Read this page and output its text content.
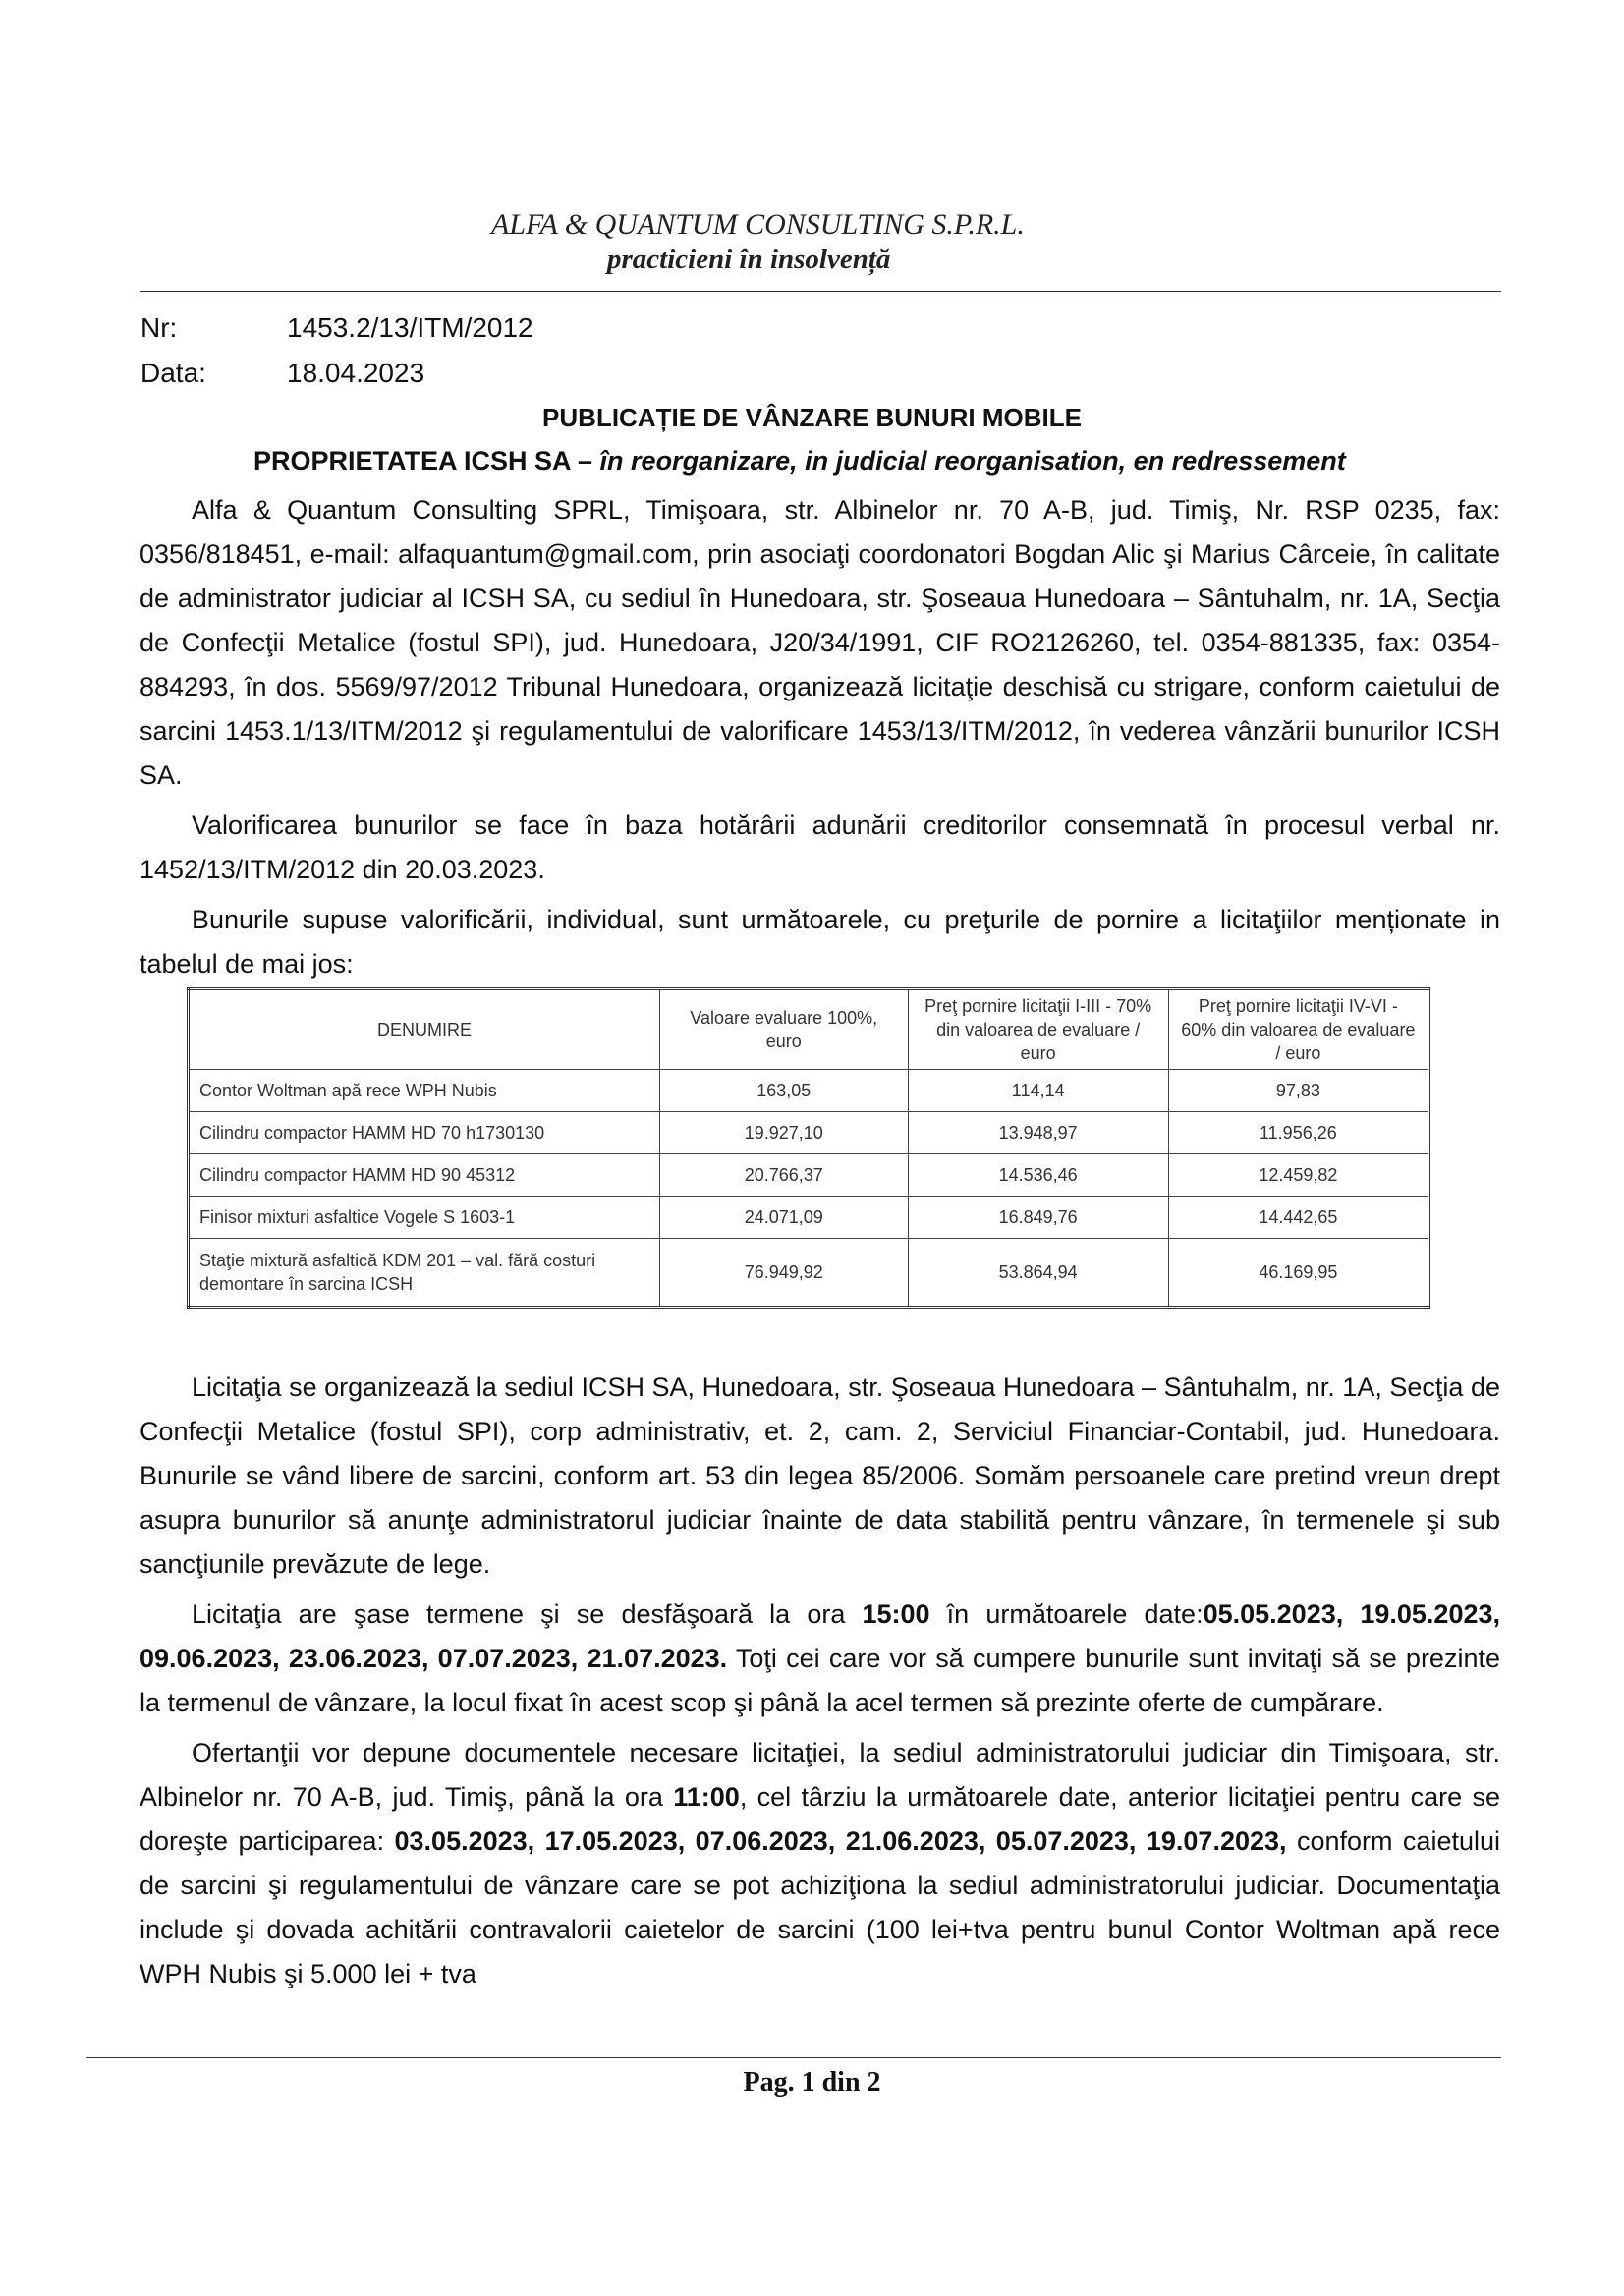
ALFA & QUANTUM CONSULTING S.P.R.L.
practicieni în insolvență
Nr:	1453.2/13/ITM/2012
Data:	18.04.2023
PUBLICAȚIE DE VÂNZARE BUNURI MOBILE
PROPRIETATEA ICSH SA – în reorganizare, in judicial reorganisation, en redressement

Alfa & Quantum Consulting SPRL, Timişoara, str. Albinelor nr. 70 A-B, jud. Timiş, Nr. RSP 0235, fax: 0356/818451, e-mail: alfaquantum@gmail.com, prin asociaţi coordonatori Bogdan Alic şi Marius Cârceie, în calitate de administrator judiciar al ICSH SA, cu sediul în Hunedoara, str. Şoseaua Hunedoara – Sântuhalm, nr. 1A, Secţia de Confecţii Metalice (fostul SPI), jud. Hunedoara, J20/34/1991, CIF RO2126260, tel. 0354-881335, fax: 0354-884293, în dos. 5569/97/2012 Tribunal Hunedoara, organizează licitaţie deschisă cu strigare, conform caietului de sarcini 1453.1/13/ITM/2012 şi regulamentului de valorificare 1453/13/ITM/2012, în vederea vânzării bunurilor ICSH SA.

Valorificarea bunurilor se face în baza hotărârii adunării creditorilor consemnată în procesul verbal nr. 1452/13/ITM/2012 din 20.03.2023.

Bunurile supuse valorificării, individual, sunt următoarele, cu preţurile de pornire a licitaţiilor menționate in tabelul de mai jos:

DENUMIRE	Valoare evaluare 100%, euro	Preţ pornire licitaţii I-III - 70% din valoarea de evaluare / euro	Preţ pornire licitaţii IV-VI - 60% din valoarea de evaluare / euro
Contor Woltman apă rece WPH Nubis	163,05	114,14	97,83
Cilindru compactor HAMM HD 70 h1730130	19.927,10	13.948,97	11.956,26
Cilindru compactor HAMM HD 90 45312	20.766,37	14.536,46	12.459,82
Finisor mixturi asfaltice Vogele S 1603-1	24.071,09	16.849,76	14.442,65
Staţie mixtură asfaltică KDM 201 – val. fără costuri demontare în sarcina ICSH	76.949,92	53.864,94	46.169,95

Licitaţia se organizează la sediul ICSH SA, Hunedoara, str. Şoseaua Hunedoara – Sântuhalm, nr. 1A, Secţia de Confecţii Metalice (fostul SPI), corp administrativ, et. 2, cam. 2, Serviciul Financiar-Contabil, jud. Hunedoara. Bunurile se vând libere de sarcini, conform art. 53 din legea 85/2006. Somăm persoanele care pretind vreun drept asupra bunurilor să anunţe administratorul judiciar înainte de data stabilită pentru vânzare, în termenele şi sub sancţiunile prevăzute de lege.

Licitaţia are şase termene şi se desfăşoară la ora 15:00 în următoarele date:05.05.2023, 19.05.2023, 09.06.2023, 23.06.2023, 07.07.2023, 21.07.2023. Toţi cei care vor să cumpere bunurile sunt invitaţi să se prezinte la termenul de vânzare, la locul fixat în acest scop şi până la acel termen să prezinte oferte de cumpărare.

Ofertanţii vor depune documentele necesare licitaţiei, la sediul administratorului judiciar din Timişoara, str. Albinelor nr. 70 A-B, jud. Timiş, până la ora 11:00, cel târziu la următoarele date, anterior licitaţiei pentru care se doreşte participarea: 03.05.2023, 17.05.2023, 07.06.2023, 21.06.2023, 05.07.2023, 19.07.2023, conform caietului de sarcini şi regulamentului de vânzare care se pot achiziţiona la sediul administratorului judiciar. Documentaţia include şi dovada achitării contravalorii caietelor de sarcini (100 lei+tva pentru bunul Contor Woltman apă rece WPH Nubis şi 5.000 lei + tva

Pag. 1 din 2
